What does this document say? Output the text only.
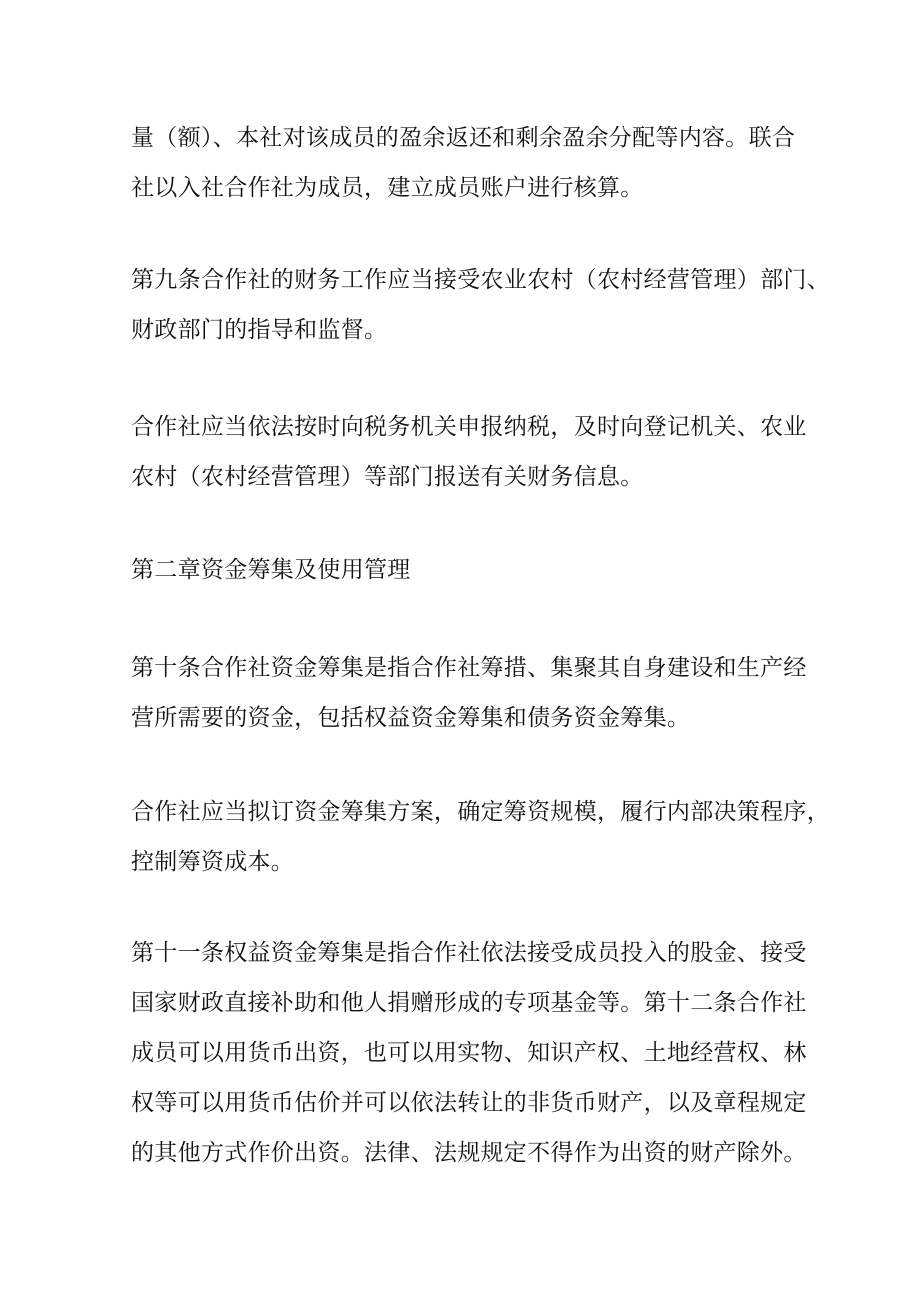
量（额）、本社对该成员的盈余返还和剩余盈余分配等内容。联合
社以入社合作社为成员，建立成员账户进行核算。
第九条合作社的财务工作应当接受农业农村（农村经营管理）部门、
财政部门的指导和监督。
合作社应当依法按时向税务机关申报纳税，及时向登记机关、农业
农村（农村经营管理）等部门报送有关财务信息。
第二章资金筹集及使用管理
第十条合作社资金筹集是指合作社筹措、集聚其自身建设和生产经
营所需要的资金，包括权益资金筹集和债务资金筹集。
合作社应当拟订资金筹集方案，确定筹资规模，履行内部决策程序，
控制筹资成本。
第十一条权益资金筹集是指合作社依法接受成员投入的股金、接受
国家财政直接补助和他人捐赠形成的专项基金等。第十二条合作社
成员可以用货币出资，也可以用实物、知识产权、土地经营权、林
权等可以用货币估价并可以依法转让的非货币财产，以及章程规定
的其他方式作价出资。法律、法规规定不得作为出资的财产除外。
